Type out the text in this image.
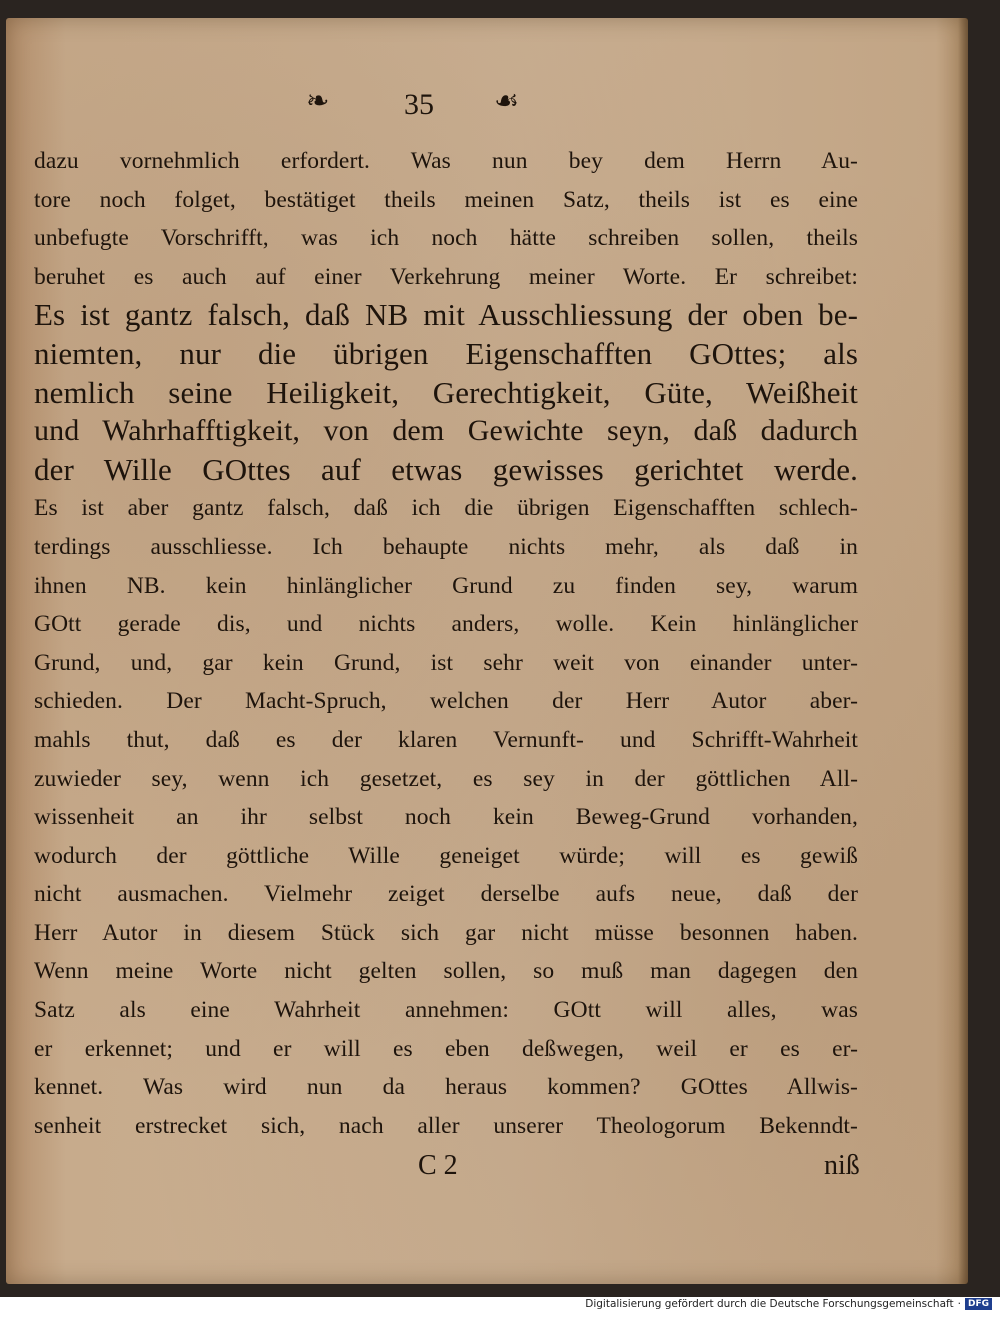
❧ 35 ☙
dazu vornehmlich erfordert. Was nun bey dem Herrn Au-
tore noch folget, bestätiget theils meinen Satz, theils ist es eine
unbefugte Vorschrifft, was ich noch hätte schreiben sollen, theils
beruhet es auch auf einer Verkehrung meiner Worte. Er schreibet:
Es ist gantz falsch, daß NB mit Ausschliessung der oben be-
niemten, nur die übrigen Eigenschafften GOttes; als
nemlich seine Heiligkeit, Gerechtigkeit, Güte, Weißheit
und Wahrhafftigkeit, von dem Gewichte seyn, daß dadurch
der Wille GOttes auf etwas gewisses gerichtet werde.
Es ist aber gantz falsch, daß ich die übrigen Eigenschafften schlech-
terdings ausschliesse. Ich behaupte nichts mehr, als daß in
ihnen NB. kein hinlänglicher Grund zu finden sey, warum
GOtt gerade dis, und nichts anders, wolle. Kein hinlänglicher
Grund, und, gar kein Grund, ist sehr weit von einander unter-
schieden. Der Macht-Spruch, welchen der Herr Autor aber-
mahls thut, daß es der klaren Vernunft- und Schrifft-Wahrheit
zuwieder sey, wenn ich gesetzet, es sey in der göttlichen All-
wissenheit an ihr selbst noch kein Beweg-Grund vorhanden,
wodurch der göttliche Wille geneiget würde; will es gewiß
nicht ausmachen. Vielmehr zeiget derselbe aufs neue, daß der
Herr Autor in diesem Stück sich gar nicht müsse besonnen haben.
Wenn meine Worte nicht gelten sollen, so muß man dagegen den
Satz als eine Wahrheit annehmen: GOtt will alles, was
er erkennet; und er will es eben deßwegen, weil er es er-
kennet. Was wird nun da heraus kommen? GOttes Allwis-
senheit erstrecket sich, nach aller unserer Theologorum Bekenndt-
C 2	niß
Digitalisierung gefördert durch die Deutsche Forschungsgemeinschaft · DFG
